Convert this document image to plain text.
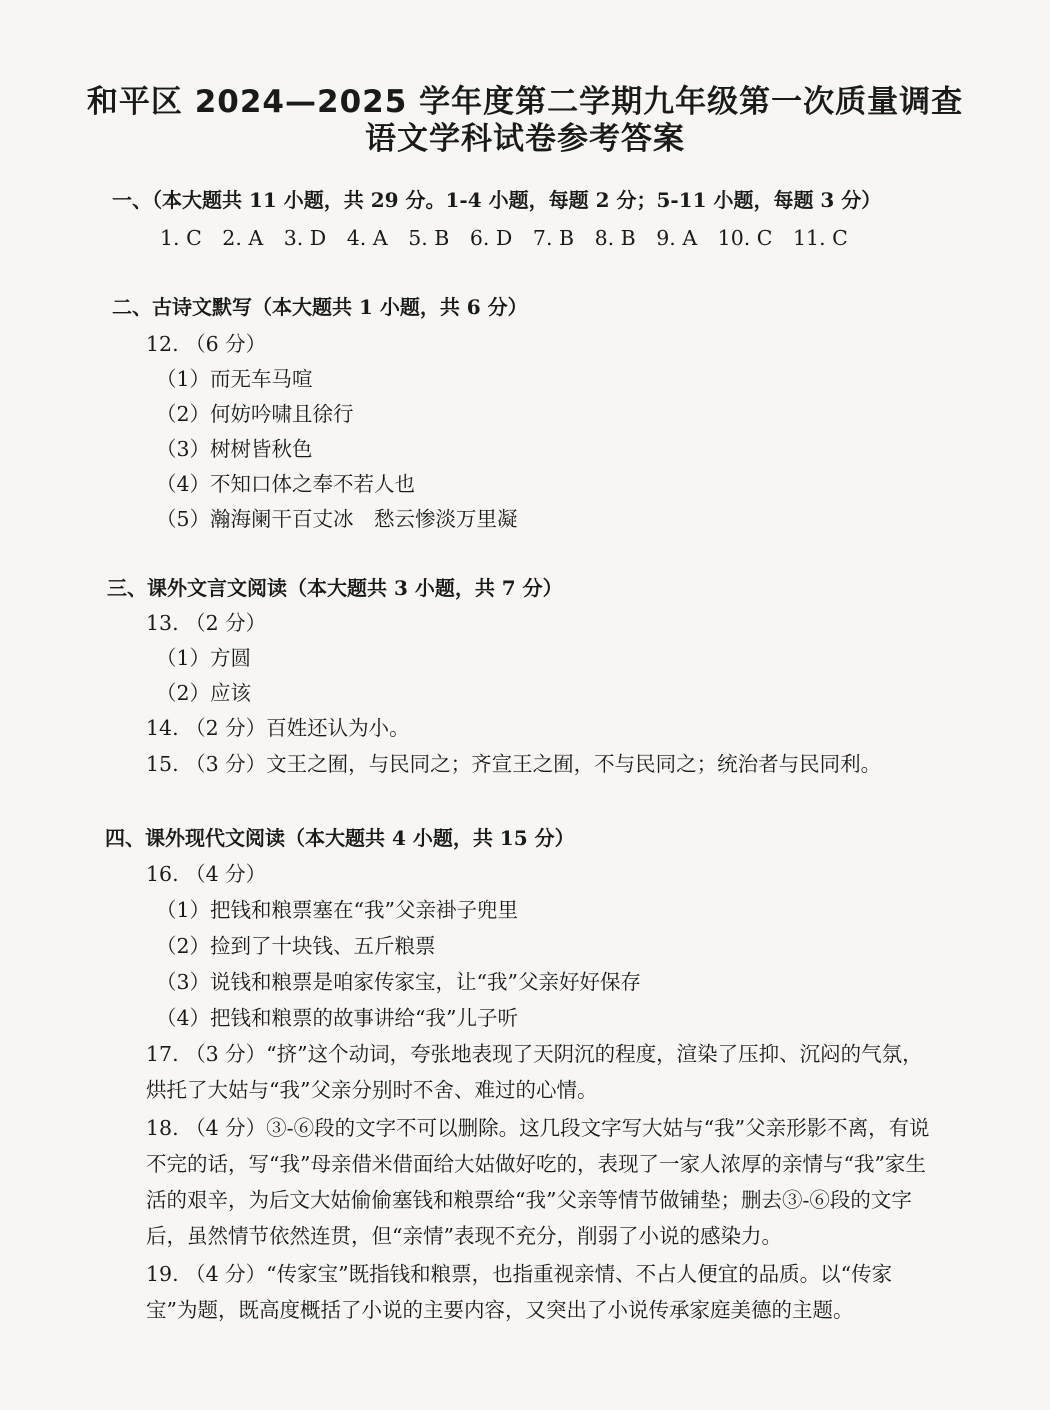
和平区 2024—2025 学年度第二学期九年级第一次质量调查
语文学科试卷参考答案
一、（本大题共 11 小题，共 29 分。1-4 小题，每题 2 分；5-11 小题，每题 3 分）
1. C 2. A 3. D 4. A 5. B 6. D 7. B 8. B 9. A 10. C 11. C
二、古诗文默写（本大题共 1 小题，共 6 分）
12. （6 分）
（1）而无车马喧
（2）何妨吟啸且徐行
（3）树树皆秋色
（4）不知口体之奉不若人也
（5）瀚海阑干百丈冰　愁云惨淡万里凝
三、课外文言文阅读（本大题共 3 小题，共 7 分）
13. （2 分）
（1）方圆
（2）应该
14. （2 分）百姓还认为小。
15. （3 分）文王之囿，与民同之；齐宣王之囿，不与民同之；统治者与民同利。
四、课外现代文阅读（本大题共 4 小题，共 15 分）
16. （4 分）
（1）把钱和粮票塞在“我”父亲褂子兜里
（2）捡到了十块钱、五斤粮票
（3）说钱和粮票是咱家传家宝，让“我”父亲好好保存
（4）把钱和粮票的故事讲给“我”儿子听
17. （3 分）“挤”这个动词，夸张地表现了天阴沉的程度，渲染了压抑、沉闷的气氛，烘托了大姑与“我”父亲分别时不舍、难过的心情。
18. （4 分）③-⑥段的文字不可以删除。这几段文字写大姑与“我”父亲形影不离，有说不完的话，写“我”母亲借米借面给大姑做好吃的，表现了一家人浓厚的亲情与“我”家生活的艰辛，为后文大姑偷偷塞钱和粮票给“我”父亲等情节做铺垫；删去③-⑥段的文字后，虽然情节依然连贯，但“亲情”表现不充分，削弱了小说的感染力。
19. （4 分）“传家宝”既指钱和粮票，也指重视亲情、不占人便宜的品质。以“传家宝”为题，既高度概括了小说的主要内容，又突出了小说传承家庭美德的主题。
